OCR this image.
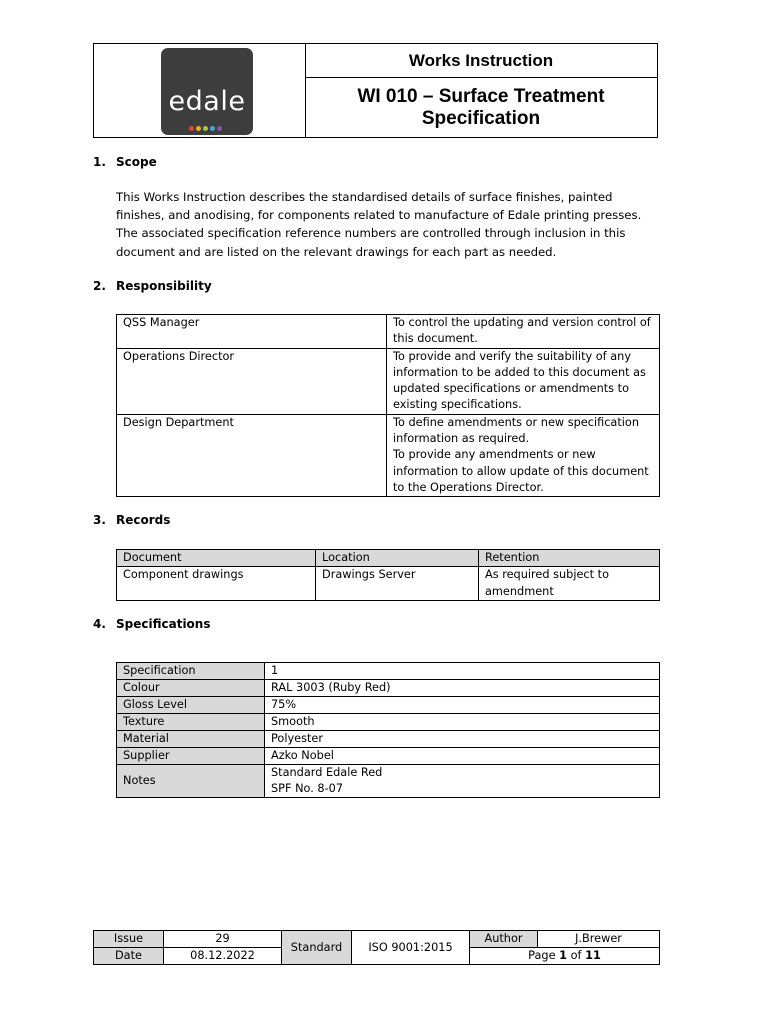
edale
Works Instruction
WI 010 – Surface Treatment Specification
1. Scope
This Works Instruction describes the standardised details of surface finishes, painted finishes, and anodising, for components related to manufacture of Edale printing presses. The associated specification reference numbers are controlled through inclusion in this document and are listed on the relevant drawings for each part as needed.
2. Responsibility
QSS Manager	To control the updating and version control of this document.

Operations Director	To provide and verify the suitability of any information to be added to this document as updated specifications or amendments to existing specifications.

Design Department	To define amendments or new specification information as required.
To provide any amendments or new information to allow update of this document to the Operations Director.
3. Records
Document	Location	Retention
Component drawings	Drawings Server	As required subject to amendment
4. Specifications
Specification	1

Colour	RAL 3003 (Ruby Red)

Gloss Level	75%

Texture	Smooth

Material	Polyester

Supplier	Azko Nobel

Notes	Standard Edale Red
SPF No. 8-07
Issue	29	Standard	ISO 9001:2015	Author	J.Brewer
Date	08.12.2022			Page 1 of 11	
